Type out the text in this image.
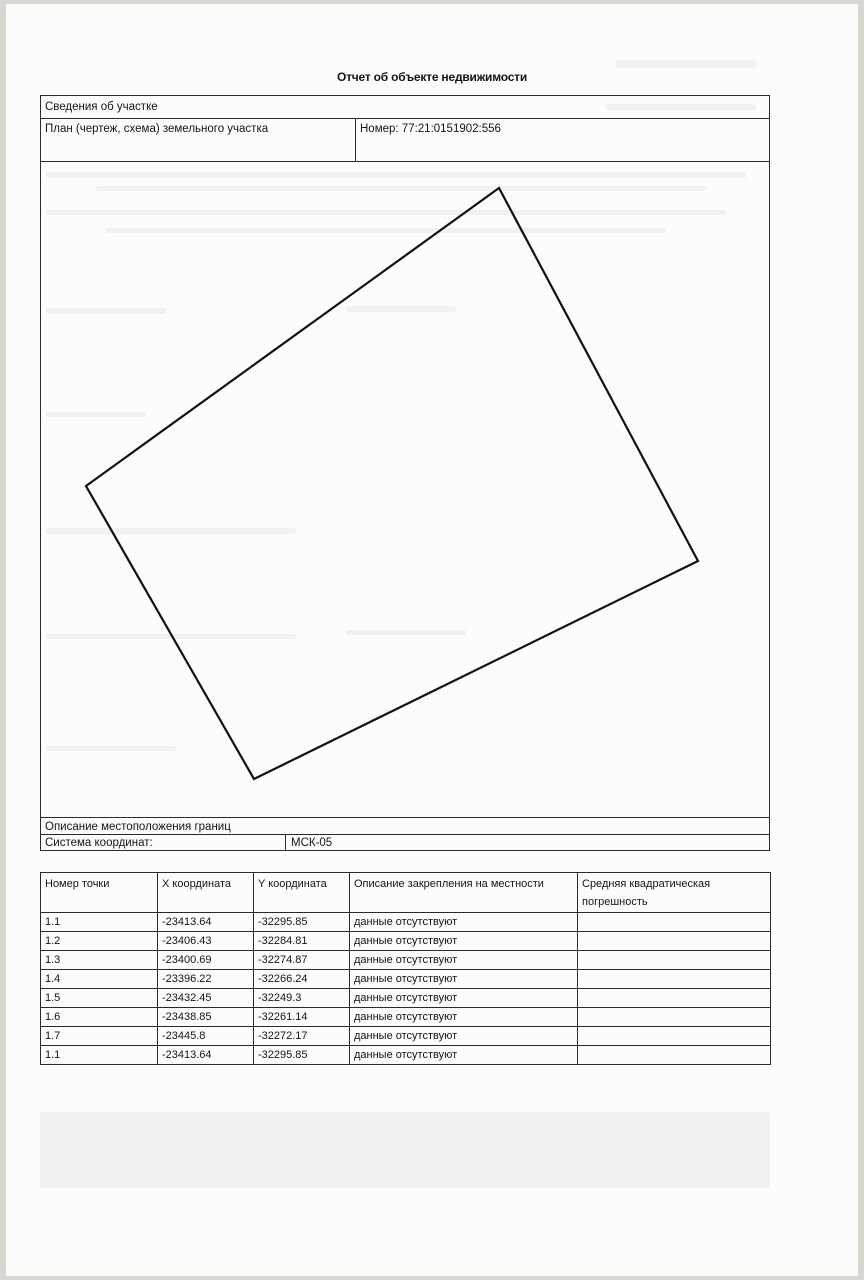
Отчет об объекте недвижимости
Сведения об участке
План (чертеж, схема) земельного участка	Номер: 77:21:0151902:556
Описание местоположения границ
Система координат:	МСК-05
Номер точки	X координата	Y координата	Описание закрепления на местности	Средняя квадратическая погрешность
1.1	-23413.64	-32295.85	данные отсутствуют	
1.2	-23406.43	-32284.81	данные отсутствуют	
1.3	-23400.69	-32274.87	данные отсутствуют	
1.4	-23396.22	-32266.24	данные отсутствуют	
1.5	-23432.45	-32249.3	данные отсутствуют	
1.6	-23438.85	-32261.14	данные отсутствуют	
1.7	-23445.8	-32272.17	данные отсутствуют	
1.1	-23413.64	-32295.85	данные отсутствуют	
